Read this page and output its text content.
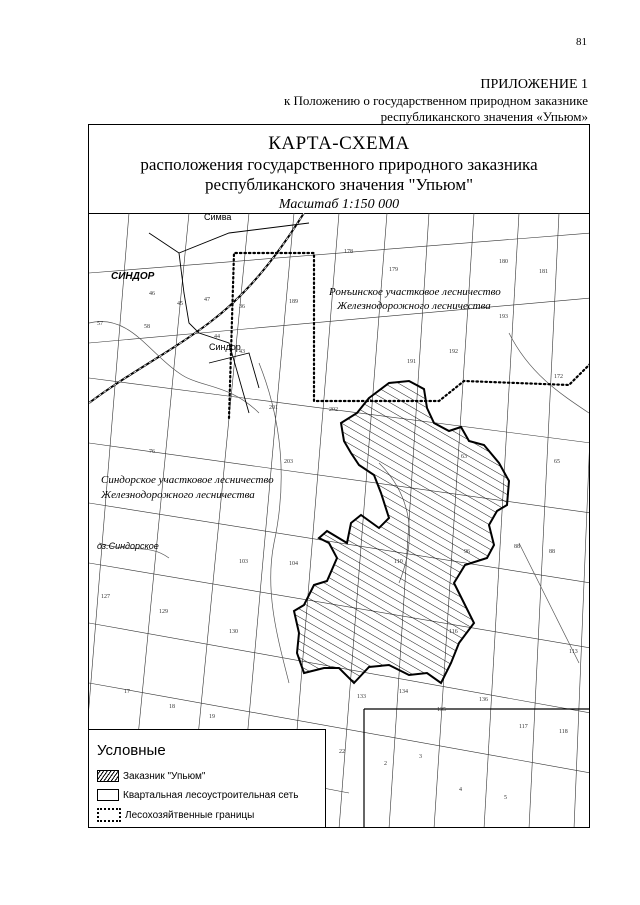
81
ПРИЛОЖЕНИЕ 1
к Положению о государственном природном заказнике
республиканского значения «Упьюм»
КАРТА-СХЕМА
расположения государственного природного заказника
республиканского значения "Упьюм"
Масштаб 1:150 000
46
45
47
36
44
43
57	58
76
179
178
180
181
189
191
192
193
172
202
201
203
63
65
88
88
103	104	110
116
96
113
127
129
130
133
134
135
136
117
118
17
18
19
22
2
3
4
5
Симва
СИНДОР
Синдор
оз.Синдорское
Ронъинское участковое лесничество
Железнодорожного лесничества
Синдорское участковое лесничество
Железнодорожного лесничества
Условные
Заказник "Упьюм"
Квартальная лесоустроительная сеть
Лесохозяйтвенные границы
